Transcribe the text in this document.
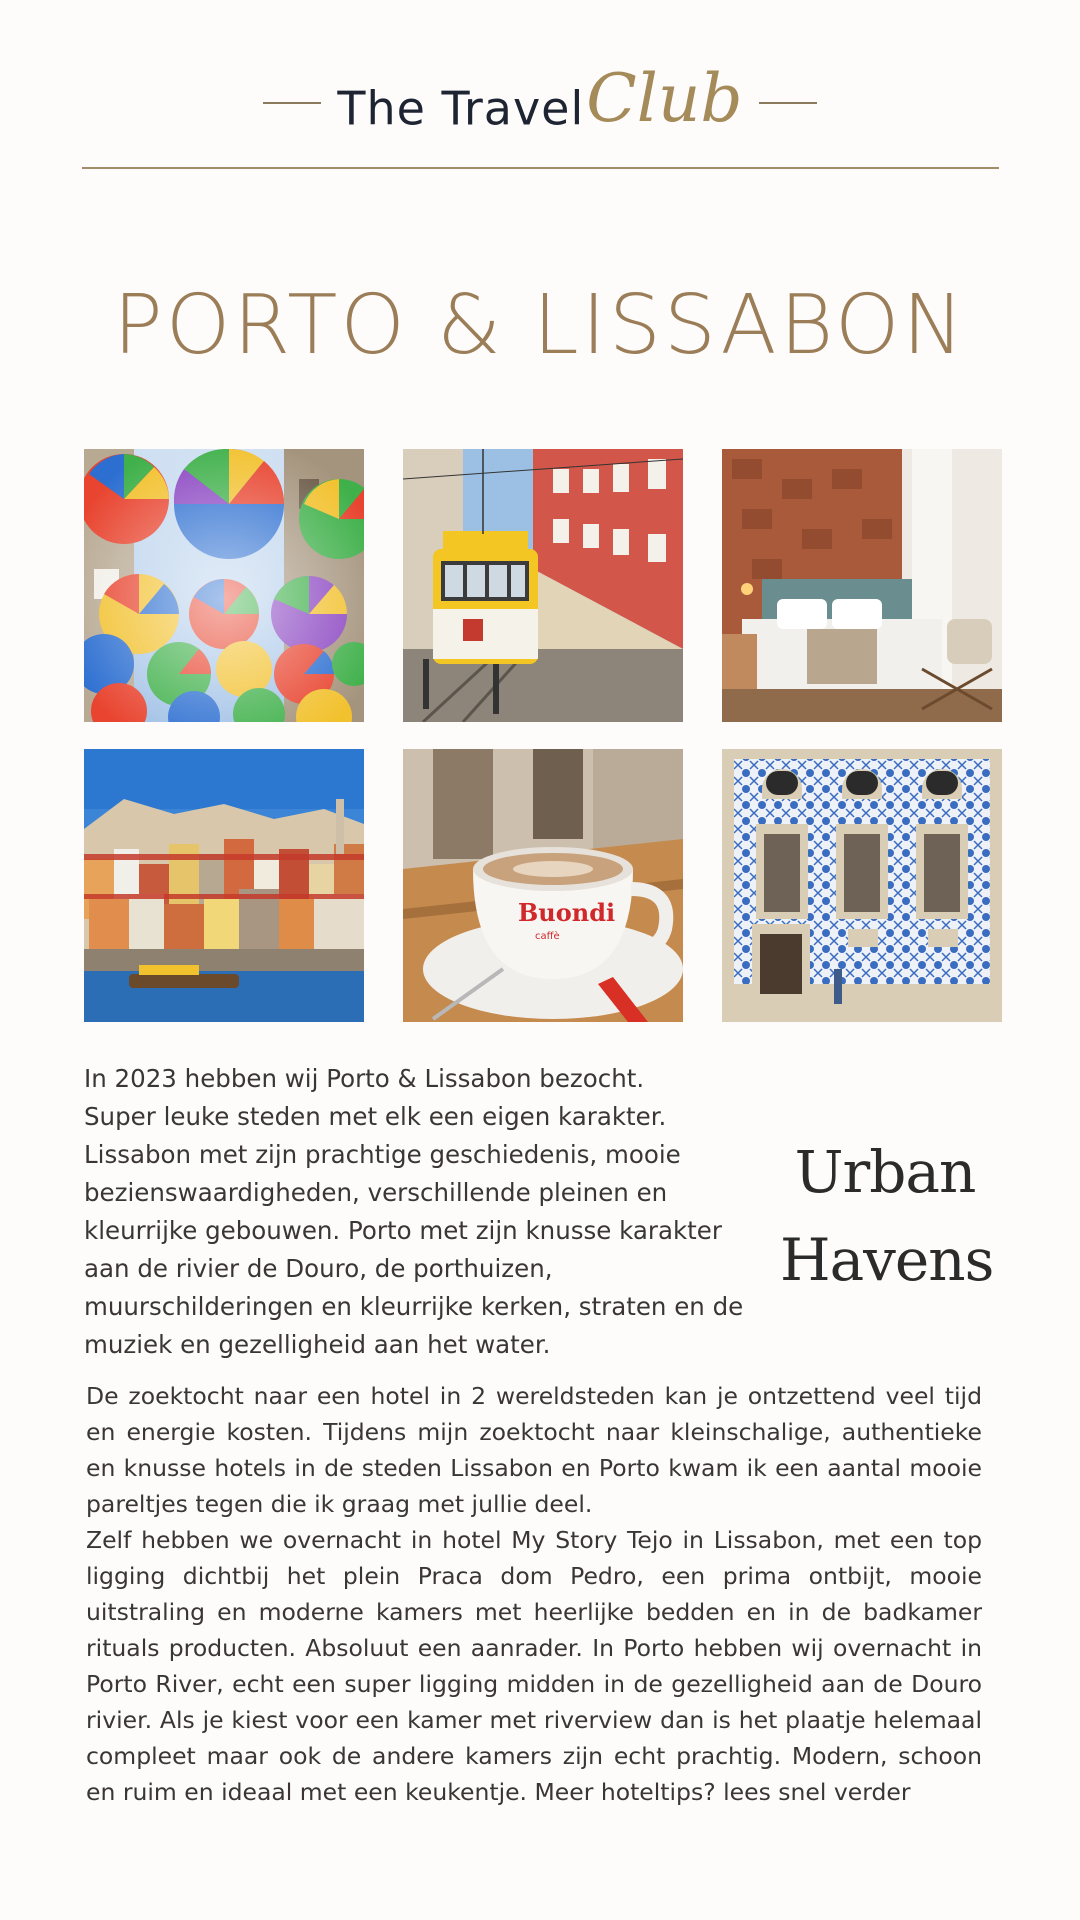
The TravelClub
PORTO & LISSABON
Buondi
caffè
In 2023 hebben wij Porto & Lissabon bezocht.
Super leuke steden met elk een eigen karakter.
Lissabon met zijn prachtige geschiedenis, mooie
bezienswaardigheden, verschillende pleinen en
kleurrijke gebouwen. Porto met zijn knusse karakter
aan de rivier de Douro, de porthuizen,
muurschilderingen en kleurrijke kerken, straten en de
muziek en gezelligheid aan het water.
Urban
Havens

De zoektocht naar een hotel in 2 wereldsteden kan je ontzettend veel tijd en energie kosten. Tijdens mijn zoektocht naar kleinschalige, authentieke en knusse hotels in de steden Lissabon en Porto kwam ik een aantal mooie pareltjes tegen die ik graag met jullie deel.

Zelf hebben we overnacht in hotel My Story Tejo in Lissabon, met een top ligging dichtbij het plein Praca dom Pedro, een prima ontbijt, mooie uitstraling en moderne kamers met heerlijke bedden en in de badkamer rituals producten. Absoluut een aanrader. In Porto hebben wij overnacht in Porto River, echt een super ligging midden in de gezelligheid aan de Douro rivier. Als je kiest voor een kamer met riverview dan is het plaatje helemaal compleet maar ook de andere kamers zijn echt prachtig. Modern, schoon en ruim en ideaal met een keukentje. Meer hoteltips? lees snel verder
